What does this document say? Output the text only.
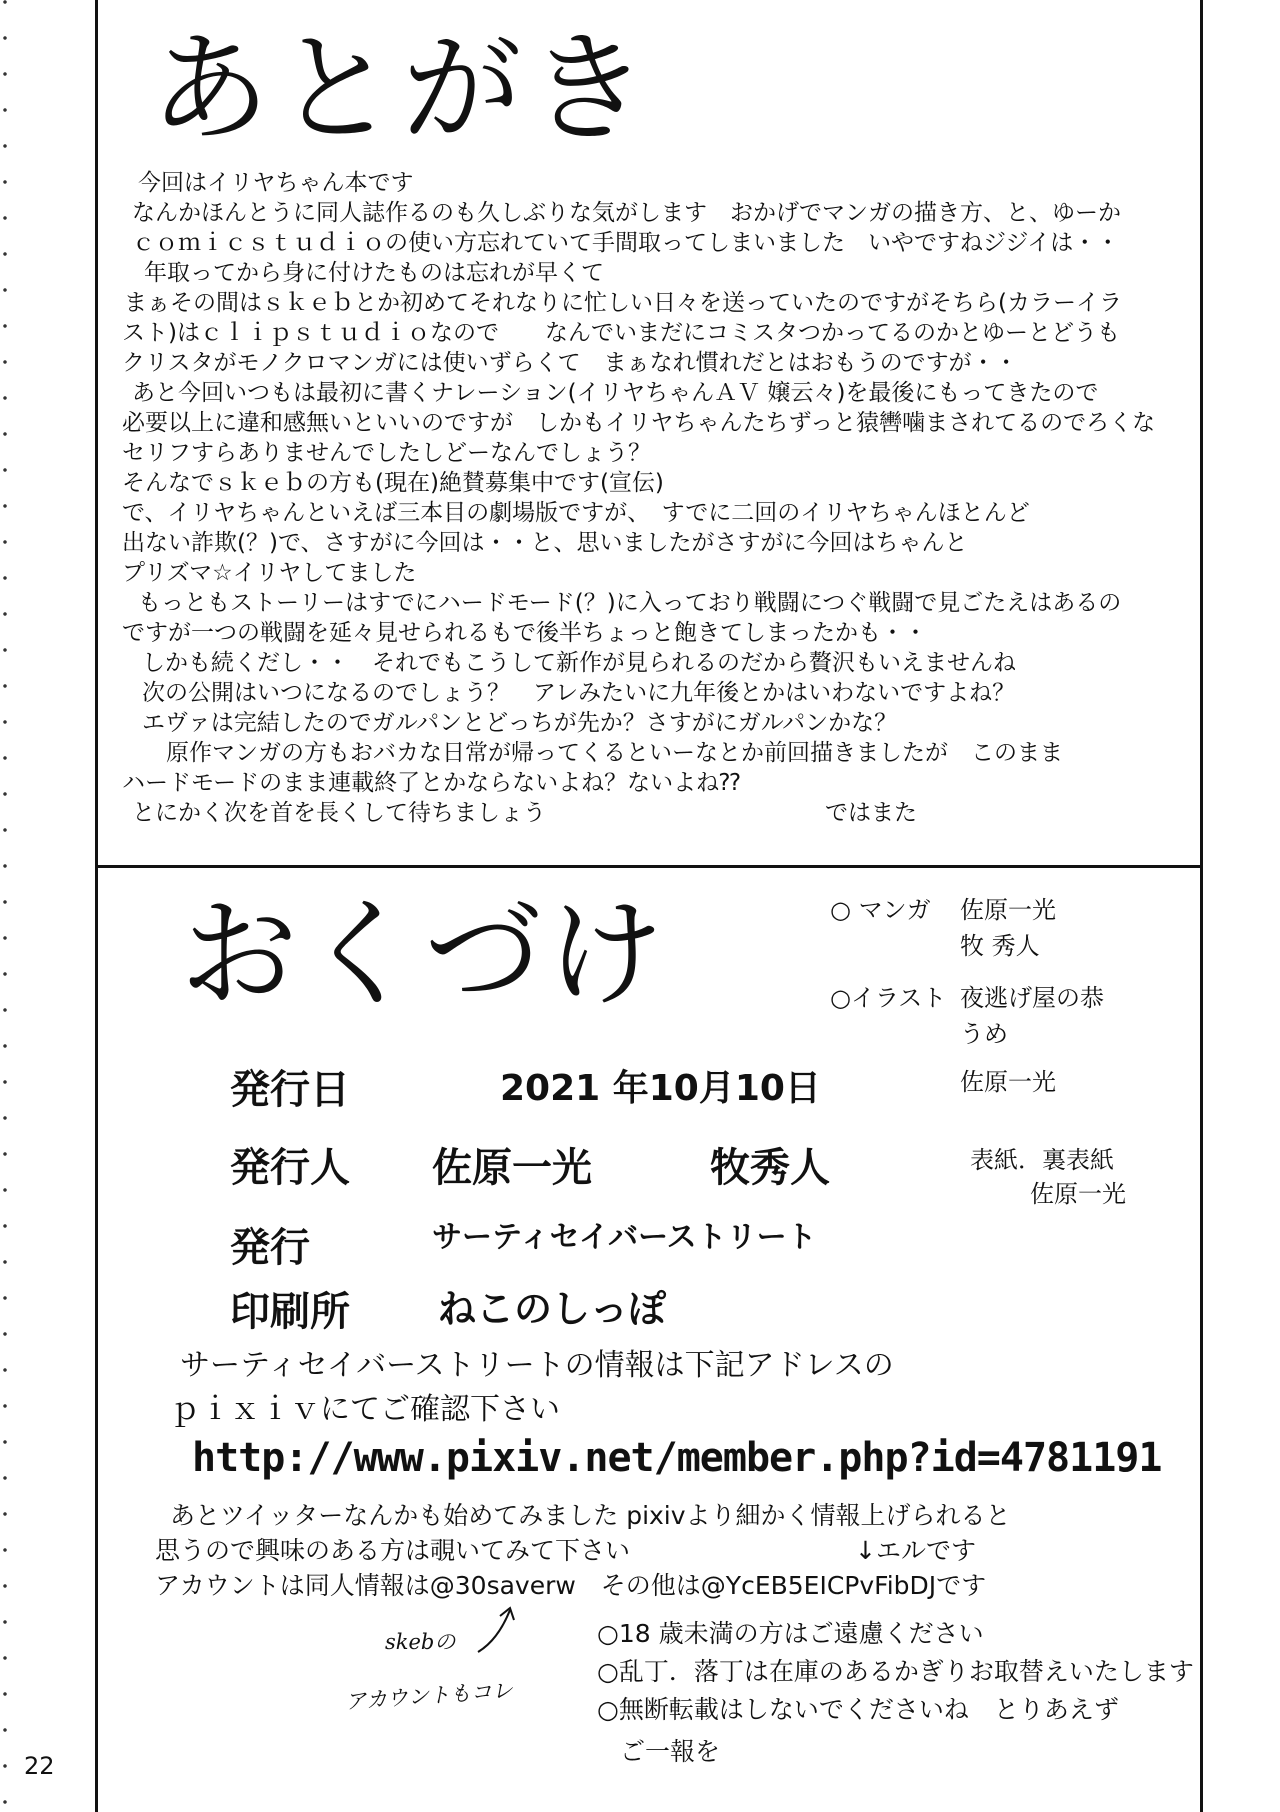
あとがき
今回はイリヤちゃん本です
なんかほんとうに同人誌作るのも久しぶりな気がします　おかげでマンガの描き方、と、ゆーか
ｃｏｍｉｃｓｔｕｄｉｏの使い方忘れていて手間取ってしまいました　いやですねジジイは・・
年取ってから身に付けたものは忘れが早くて
まぁその間はｓｋｅｂとか初めてそれなりに忙しい日々を送っていたのですがそちら(カラーイラ
スト)はｃｌｉｐｓｔｕｄｉｏなので　　なんでいまだにコミスタつかってるのかとゆーとどうも
クリスタがモノクロマンガには使いずらくて　まぁなれ慣れだとはおもうのですが・・
あと今回いつもは最初に書くナレーション(イリヤちゃんＡＶ 嬢云々)を最後にもってきたので
必要以上に違和感無いといいのですが　しかもイリヤちゃんたちずっと猿轡噛まされてるのでろくな
セリフすらありませんでしたしどーなんでしょう？
そんなでｓｋｅｂの方も(現在)絶賛募集中です(宣伝)
で、イリヤちゃんといえば三本目の劇場版ですが、　すでに二回のイリヤちゃんほとんど
出ない詐欺(？)で、さすがに今回は・・と、思いましたがさすがに今回はちゃんと
プリズマ☆イリヤしてました
もっともストーリーはすでにハードモード(？)に入っており戦闘につぐ戦闘で見ごたえはあるの
ですが一つの戦闘を延々見せられるもで後半ちょっと飽きてしまったかも・・
しかも続くだし・・　それでもこうして新作が見られるのだから贅沢もいえませんね
次の公開はいつになるのでしょう？　アレみたいに九年後とかはいわないですよね？
エヴァは完結したのでガルパンとどっちが先か？さすがにガルパンかな？
原作マンガの方もおバカな日常が帰ってくるといーなとか前回描きましたが　このまま
ハードモードのまま連載終了とかならないよね？ないよね⁇
とにかく次を首を長くして待ちましょう	ではまた
おくづけ	○ マンガ 佐原一光
牧 秀人
○イラスト 夜逃げ屋の恭
うめ
佐原一光
表紙．裏表紙
佐原一光
発行日	2021 年10月10日
発行人 佐原一光	牧秀人
発行	サーティセイバーストリート
印刷所 ねこのしっぽ
サーティセイバーストリートの情報は下記アドレスの
ｐｉｘｉｖにてご確認下さい
http://www.pixiv.net/member.php?id=4781191
あとツイッターなんかも始めてみました pixivより細かく情報上げられると
思うので興味のある方は覗いてみて下さい	↓エルです
アカウントは同人情報は@30saverw　その他は@YcEB5EICPvFibDJです
skebの
アカウントもコレ
○18 歳未満の方はご遠慮ください
○乱丁．落丁は在庫のあるかぎりお取替えいたします
○無断転載はしないでくださいね　とりあえず
ご一報を
22
